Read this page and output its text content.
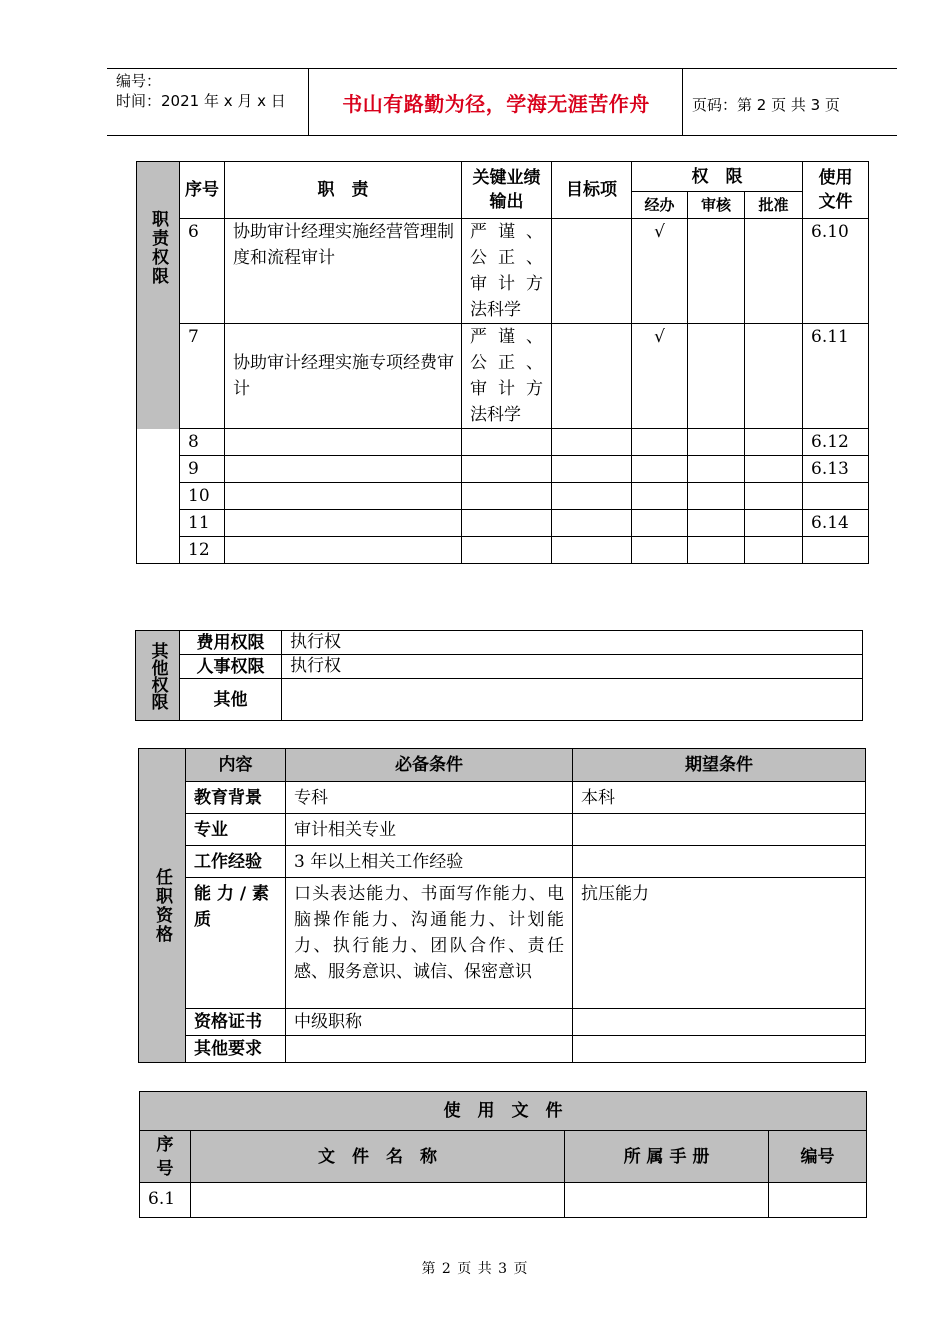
编号：
时间：2021 年 x 月 x 日	书山有路勤为径，学海无涯苦作舟	页码：第 2 页 共 3 页
职责权限	序号	职　责	关键业绩输出	目标项	权　限			使用文件
					经办	审核	批准	
	6	协助审计经理实施经营管理制度和流程审计	严 谨 、 公 正 、 审 计 方 法科学		√			6.10
	7	协助审计经理实施专项经费审计	严 谨 、 公 正 、 审 计 方 法科学		√			6.11
	8							6.12
	9							6.13
	10							
	11							6.14
	12							
其他权限	费用权限	执行权
	人事权限	执行权
	其他	
任职资格	内容	必备条件	期望条件
	教育背景	专科	本科
	专业	审计相关专业	
	工作经验	3 年以上相关工作经验	
	能 力 / 素质	口头表达能力、书面写作能力、电脑操作能力、沟通能力、计划能力、执行能力、团队合作、责任感、服务意识、诚信、保密意识	抗压能力
	资格证书	中级职称	
	其他要求		
使　用　文　件			
序号	文　件　名　称	所 属 手 册	编号
6.1			
第 2 页 共 3 页
